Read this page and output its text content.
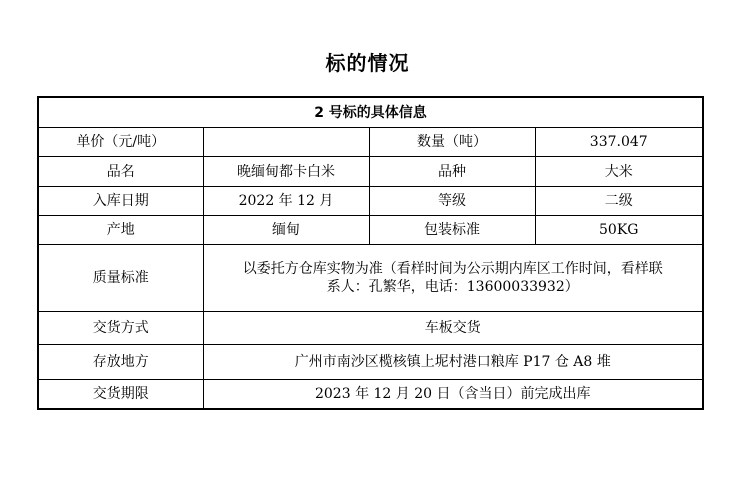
标的情况
2 号标的具体信息			
单价（元/吨）		数量（吨）	337.047
品名	晚缅甸都卡白米	品种	大米
入库日期	2022 年 12 月	等级	二级
产地	缅甸	包装标准	50KG
质量标准	以委托方仓库实物为准（看样时间为公示期内库区工作时间，看样联
系人：孔繁华，电话：13600033932）		

交货方式	车板交货		
存放地方	广州市南沙区榄核镇上坭村港口粮库 P17 仓 A8 堆		
交货期限	2023 年 12 月 20 日（含当日）前完成出库		
